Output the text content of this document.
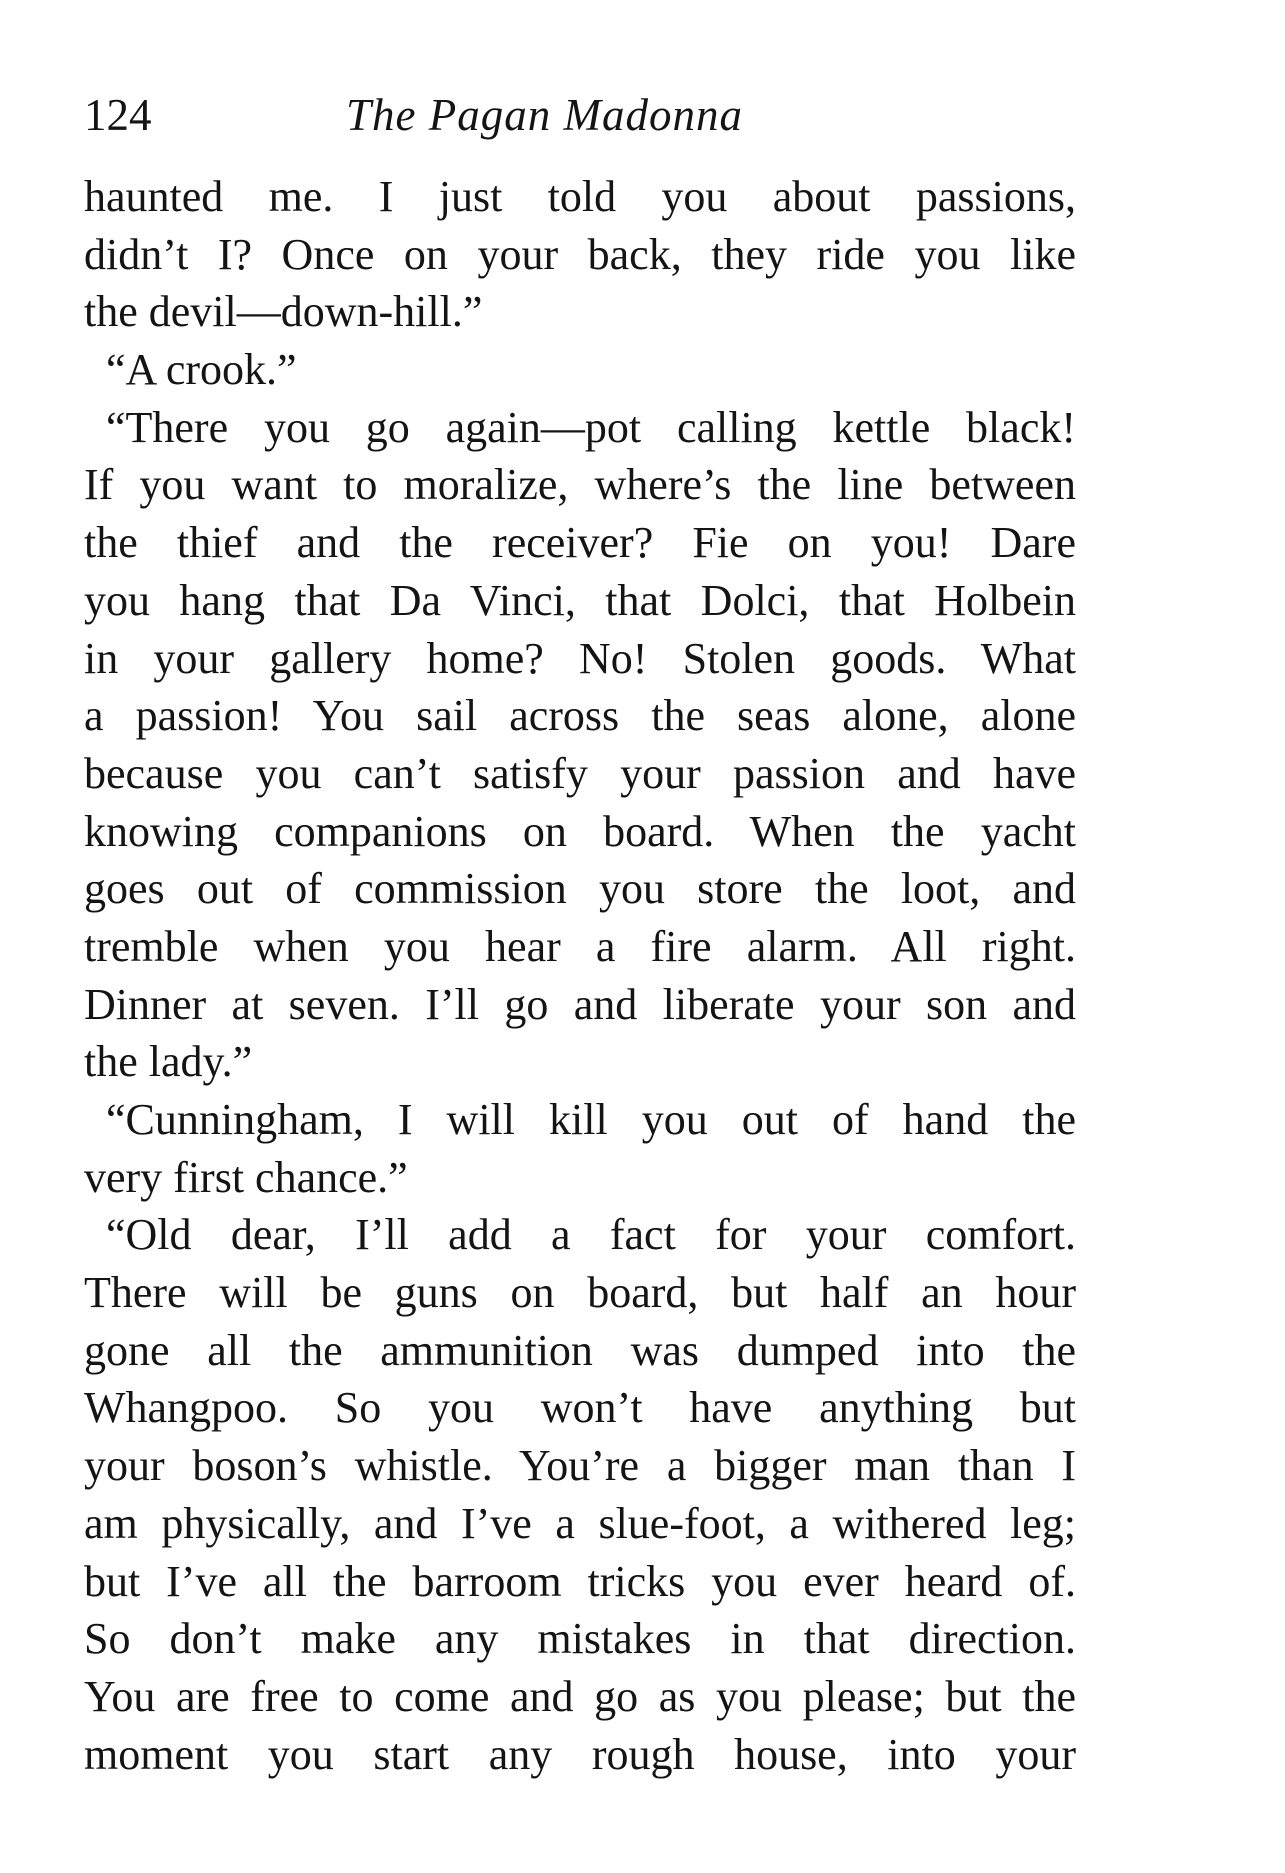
124	The Pagan Madonna
haunted me. I just told you about passions,
didn’t I? Once on your back, they ride you like
the devil—down-hill.”
“A crook.”
“There you go again—pot calling kettle black!
If you want to moralize, where’s the line between
the thief and the receiver? Fie on you! Dare
you hang that Da Vinci, that Dolci, that Holbein
in your gallery home? No! Stolen goods. What
a passion! You sail across the seas alone, alone
because you can’t satisfy your passion and have
knowing companions on board. When the yacht
goes out of commission you store the loot, and
tremble when you hear a fire alarm. All right.
Dinner at seven. I’ll go and liberate your son and
the lady.”
“Cunningham, I will kill you out of hand the
very first chance.”
“Old dear, I’ll add a fact for your comfort.
There will be guns on board, but half an hour
gone all the ammunition was dumped into the
Whangpoo. So you won’t have anything but
your boson’s whistle. You’re a bigger man than I
am physically, and I’ve a slue-foot, a withered leg;
but I’ve all the barroom tricks you ever heard of.
So don’t make any mistakes in that direction.
You are free to come and go as you please; but the
moment you start any rough house, into your
